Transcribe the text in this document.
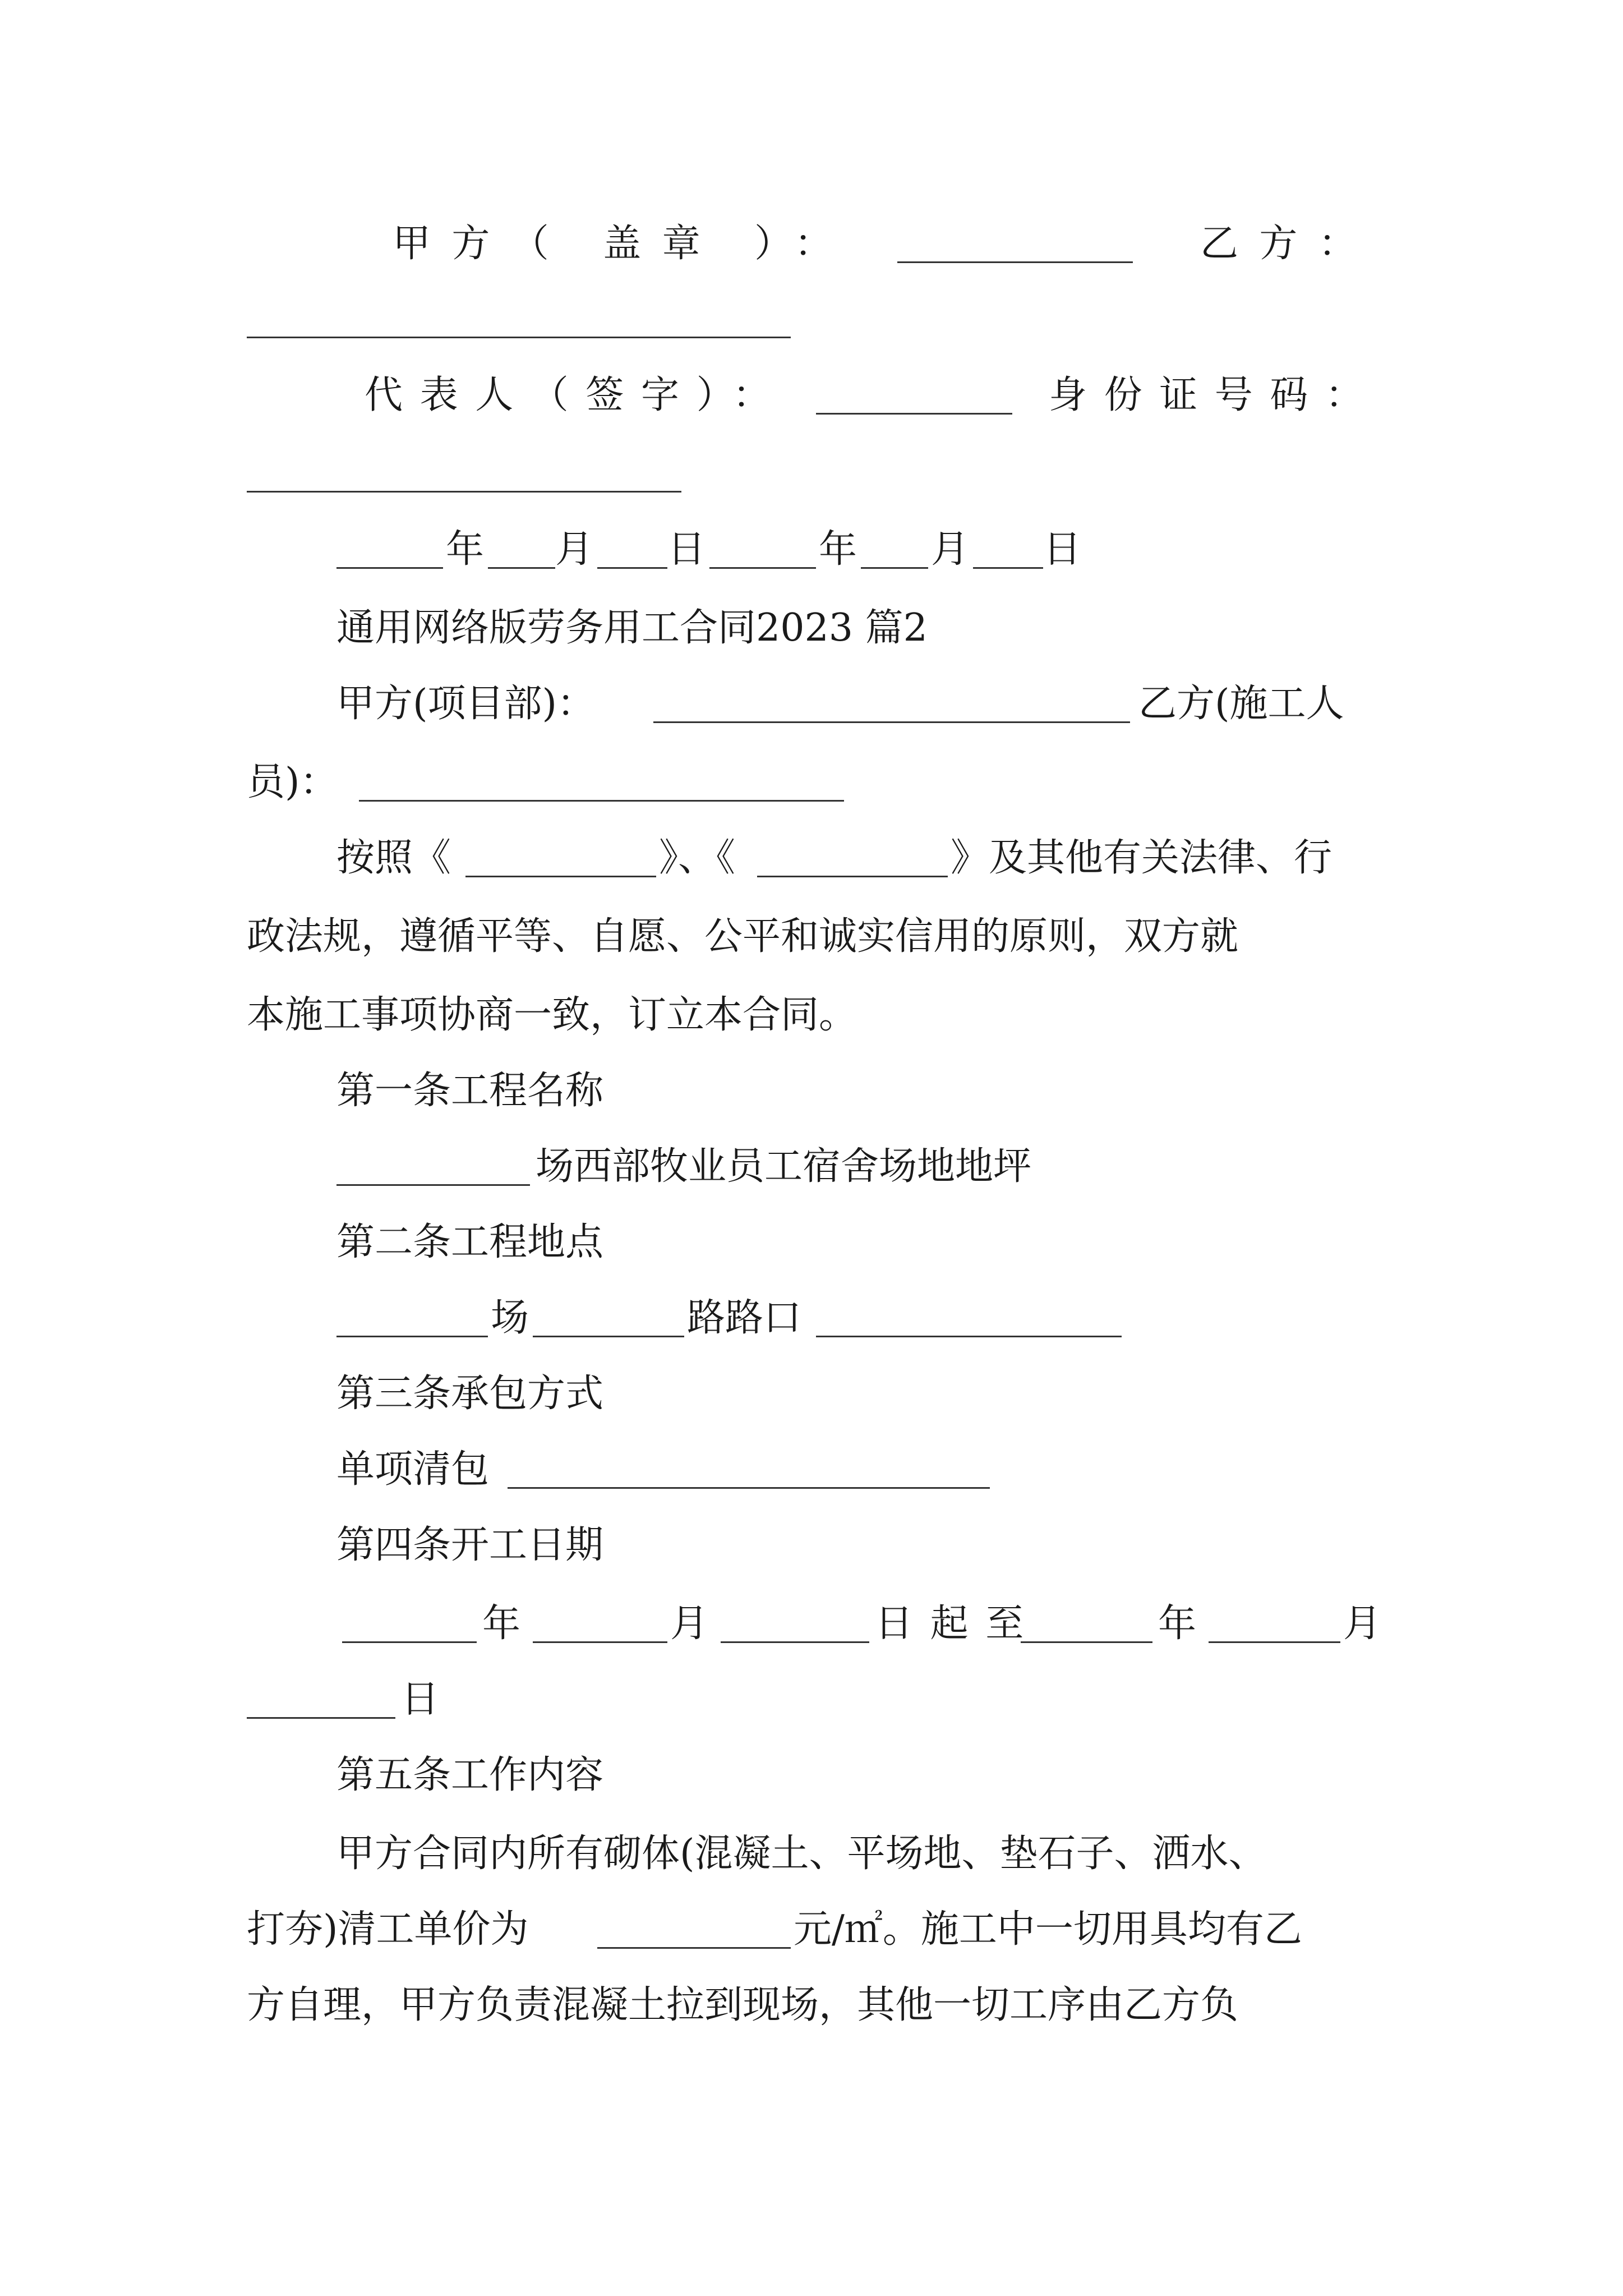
甲方（ 盖章 ）：	乙方：
代表人（签字）：	身份证号码：
年 月 日	年 月 日
通用网络版劳务用工合同2023 篇2
甲方(项目部)：	乙方(施工人
员)：
按照《	》、《	》及其他有关法律、行
政法规，遵循平等、自愿、公平和诚实信用的原则，双方就
本施工事项协商一致，订立本合同。
第一条工程名称
场西部牧业员工宿舍场地地坪
第二条工程地点
场	路路口
第三条承包方式
单项清包
第四条开工日期
年	月	日起至	年	月
日
第五条工作内容
甲方合同内所有砌体(混凝土、平场地、垫石子、洒水、
打夯)清工单价为	元/㎡。施工中一切用具均有乙
方自理，甲方负责混凝土拉到现场，其他一切工序由乙方负
